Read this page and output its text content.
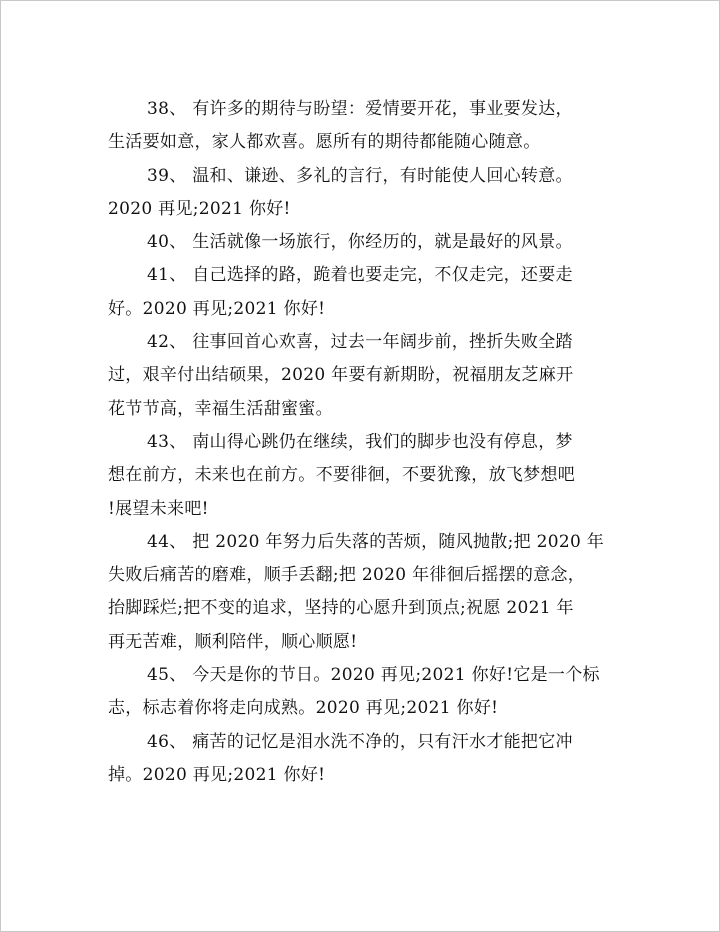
38、 有许多的期待与盼望：爱情要开花，事业要发达，
生活要如意，家人都欢喜。愿所有的期待都能随心随意。

39、 温和、谦逊、多礼的言行，有时能使人回心转意。
2020 再见;2021 你好!

40、 生活就像一场旅行，你经历的，就是最好的风景。

41、 自己选择的路，跪着也要走完，不仅走完，还要走
好。2020 再见;2021 你好!

42、 往事回首心欢喜，过去一年阔步前，挫折失败全踏
过，艰辛付出结硕果，2020 年要有新期盼，祝福朋友芝麻开
花节节高，幸福生活甜蜜蜜。

43、 南山得心跳仍在继续，我们的脚步也没有停息，梦
想在前方，未来也在前方。不要徘徊，不要犹豫，放飞梦想吧
!展望未来吧!

44、 把 2020 年努力后失落的苦烦，随风抛散;把 2020 年
失败后痛苦的磨难，顺手丢翻;把 2020 年徘徊后摇摆的意念，
抬脚踩烂;把不变的追求，坚持的心愿升到顶点;祝愿 2021 年
再无苦难，顺利陪伴，顺心顺愿!

45、 今天是你的节日。2020 再见;2021 你好!它是一个标
志，标志着你将走向成熟。2020 再见;2021 你好!

46、 痛苦的记忆是泪水洗不净的，只有汗水才能把它冲
掉。2020 再见;2021 你好!
